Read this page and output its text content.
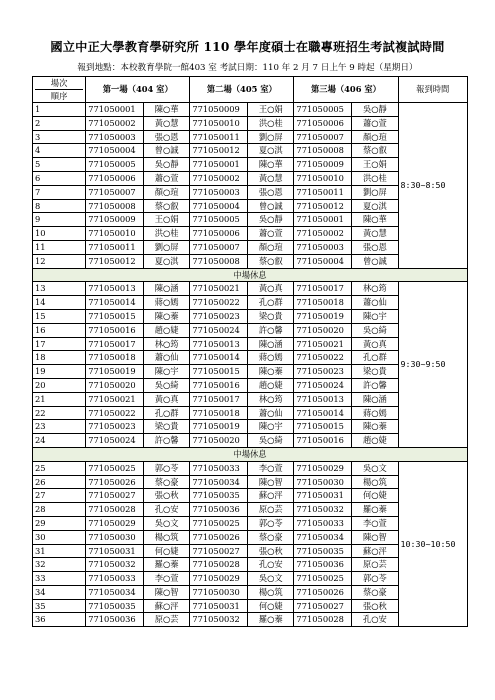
國立中正大學教育學研究所 110 學年度碩士在職專班招生考試複試時間
報到地點：本校教育學院一館403 室 考試日期：110 年 2 月 7 日上午 9 時起（星期日）
場次
順序	第一場（404 室）		第二場（405 室）		第三場（406 室）		報到時間
1	771050001	陳○華	771050009	王○娟	771050005	吳○靜	8:30~8:50
2	771050002	黃○慧	771050010	洪○桂	771050006	蕭○萱	
3	771050003	張○恩	771050011	劉○屏	771050007	顏○瑄	
4	771050004	曾○誠	771050012	夏○淇	771050008	蔡○叡	
5	771050005	吳○靜	771050001	陳○華	771050009	王○娟	
6	771050006	蕭○萱	771050002	黃○慧	771050010	洪○桂	
7	771050007	顏○瑄	771050003	張○恩	771050011	劉○屏	
8	771050008	蔡○叡	771050004	曾○誠	771050012	夏○淇	
9	771050009	王○娟	771050005	吳○靜	771050001	陳○華	
10	771050010	洪○桂	771050006	蕭○萱	771050002	黃○慧	
11	771050011	劉○屏	771050007	顏○瑄	771050003	張○恩	
12	771050012	夏○淇	771050008	蔡○叡	771050004	曾○誠	
中場休息							
13	771050013	陳○涵	771050021	黃○真	771050017	林○筠	9:30~9:50
14	771050014	蔣○嫣	771050022	孔○群	771050018	蕭○仙	
15	771050015	陳○蓁	771050023	梁○貴	771050019	陳○宇	
16	771050016	趙○婕	771050024	許○馨	771050020	吳○綺	
17	771050017	林○筠	771050013	陳○涵	771050021	黃○真	
18	771050018	蕭○仙	771050014	蔣○嫣	771050022	孔○群	
19	771050019	陳○宇	771050015	陳○蓁	771050023	梁○貴	
20	771050020	吳○綺	771050016	趙○婕	771050024	許○馨	
21	771050021	黃○真	771050017	林○筠	771050013	陳○涵	
22	771050022	孔○群	771050018	蕭○仙	771050014	蔣○嫣	
23	771050023	梁○貴	771050019	陳○宇	771050015	陳○蓁	
24	771050024	許○馨	771050020	吳○綺	771050016	趙○婕	
中場休息							
25	771050025	郭○苓	771050033	李○萱	771050029	吳○文	10:30~10:50
26	771050026	蔡○豪	771050034	陳○智	771050030	楊○筑	
27	771050027	張○秋	771050035	蘇○泙	771050031	何○婕	
28	771050028	孔○安	771050036	原○芸	771050032	羅○蓁	
29	771050029	吳○文	771050025	郭○苓	771050033	李○萱	
30	771050030	楊○筑	771050026	蔡○豪	771050034	陳○智	
31	771050031	何○婕	771050027	張○秋	771050035	蘇○泙	
32	771050032	羅○蓁	771050028	孔○安	771050036	原○芸	
33	771050033	李○萱	771050029	吳○文	771050025	郭○苓	
34	771050034	陳○智	771050030	楊○筑	771050026	蔡○豪	
35	771050035	蘇○泙	771050031	何○婕	771050027	張○秋	
36	771050036	原○芸	771050032	羅○蓁	771050028	孔○安	
